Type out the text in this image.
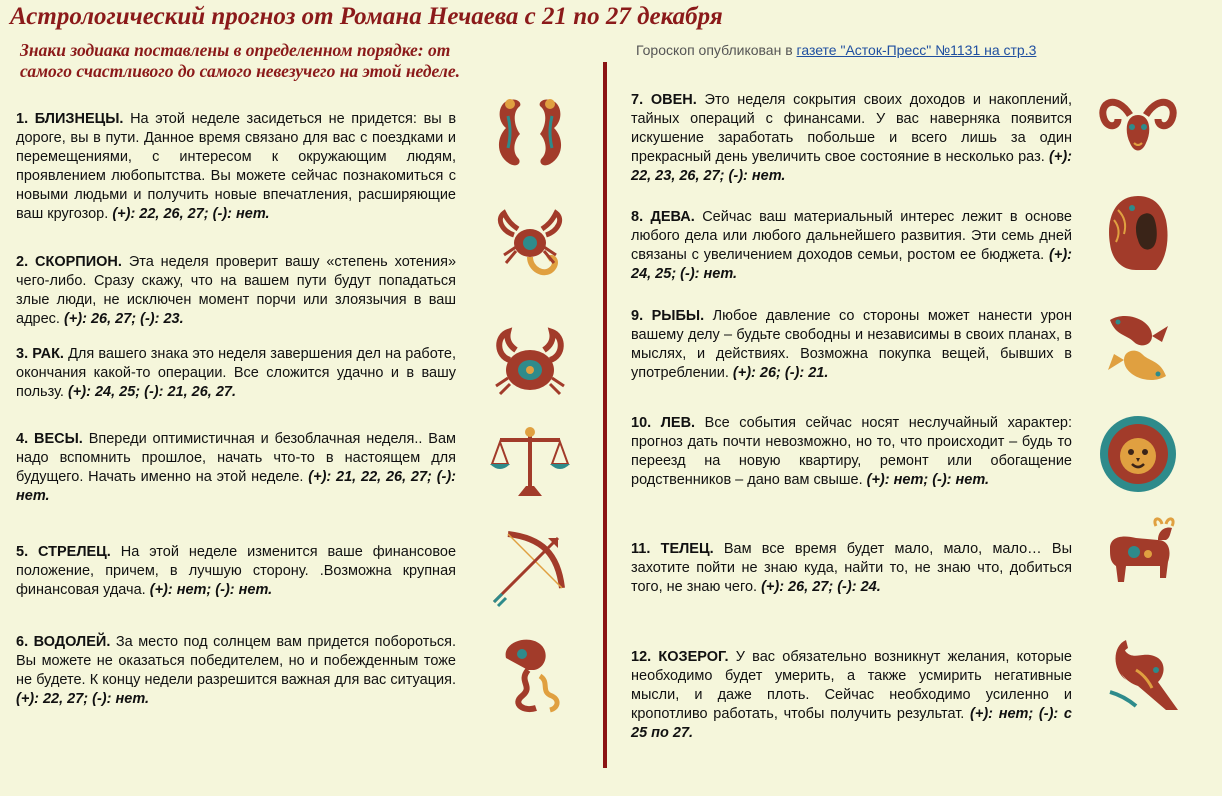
Астрологический прогноз от Романа Нечаева с 21 по 27 декабря

Знаки зодиака поставлены в определенном порядке: от самого счастливого до самого невезучего на этой неделе.

Гороскоп опубликован в газете "Асток-Пресс" №1131 на стр.3

1. БЛИЗНЕЦЫ. На этой неделе засидеться не придется: вы в дороге, вы в пути. Данное время связано для вас с поездками и перемещениями, с интересом к окружающим людям, проявлением любопытства. Вы можете сейчас познакомиться с новыми людьми и получить новые впечатления, расширяющие ваш кругозор. (+): 22, 26, 27; (-): нет.

2. СКОРПИОН. Эта неделя проверит вашу «степень хотения» чего-либо. Сразу скажу, что на вашем пути будут попадаться злые люди, не исключен момент порчи или злоязычия в ваш адрес. (+): 26, 27; (-): 23.

3. РАК. Для вашего знака это неделя завершения дел на работе, окончания какой-то операции. Все сложится удачно и в вашу пользу. (+): 24, 25; (-): 21, 26, 27.

4. ВЕСЫ. Впереди оптимистичная и безоблачная неделя.. Вам надо вспомнить прошлое, начать что-то в настоящем для будущего. Начать именно на этой неделе. (+): 21, 22, 26, 27; (-): нет.

5. СТРЕЛЕЦ. На этой неделе изменится ваше финансовое положение, причем, в лучшую сторону. .Возможна крупная финансовая удача. (+): нет; (-): нет.

6. ВОДОЛЕЙ. За место под солнцем вам придется побороться. Вы можете не оказаться победителем, но и побежденным тоже не будете. К концу недели разрешится важная для вас ситуация. (+): 22, 27; (-): нет.

7. ОВЕН. Это неделя сокрытия своих доходов и накоплений, тайных операций с финансами. У вас наверняка появится искушение заработать побольше и всего лишь за один прекрасный день увеличить свое состояние в несколько раз. (+): 22, 23, 26, 27; (-): нет.

8. ДЕВА. Сейчас ваш материальный интерес лежит в основе любого дела или любого дальнейшего развития. Эти семь дней связаны с увеличением доходов семьи, ростом ее бюджета. (+): 24, 25; (-): нет.

9. РЫБЫ. Любое давление со стороны может нанести урон вашему делу – будьте свободны и независимы в своих планах, в мыслях, и действиях. Возможна покупка вещей, бывших в употреблении. (+): 26; (-): 21.

10. ЛЕВ. Все события сейчас носят неслучайный характер: прогноз дать почти невозможно, но то, что происходит – будь то переезд на новую квартиру, ремонт или обогащение родственников – дано вам свыше. (+): нет; (-): нет.

11. ТЕЛЕЦ. Вам все время будет мало, мало, мало… Вы захотите пойти не знаю куда, найти то, не знаю что, добиться того, не знаю чего. (+): 26, 27; (-): 24.

12. КОЗЕРОГ. У вас обязательно возникнут желания, которые необходимо будет умерить, а также усмирить негативные мысли, и даже плоть. Сейчас необходимо усиленно и кропотливо работать, чтобы получить результат. (+): нет; (-): с 25 по 27.
